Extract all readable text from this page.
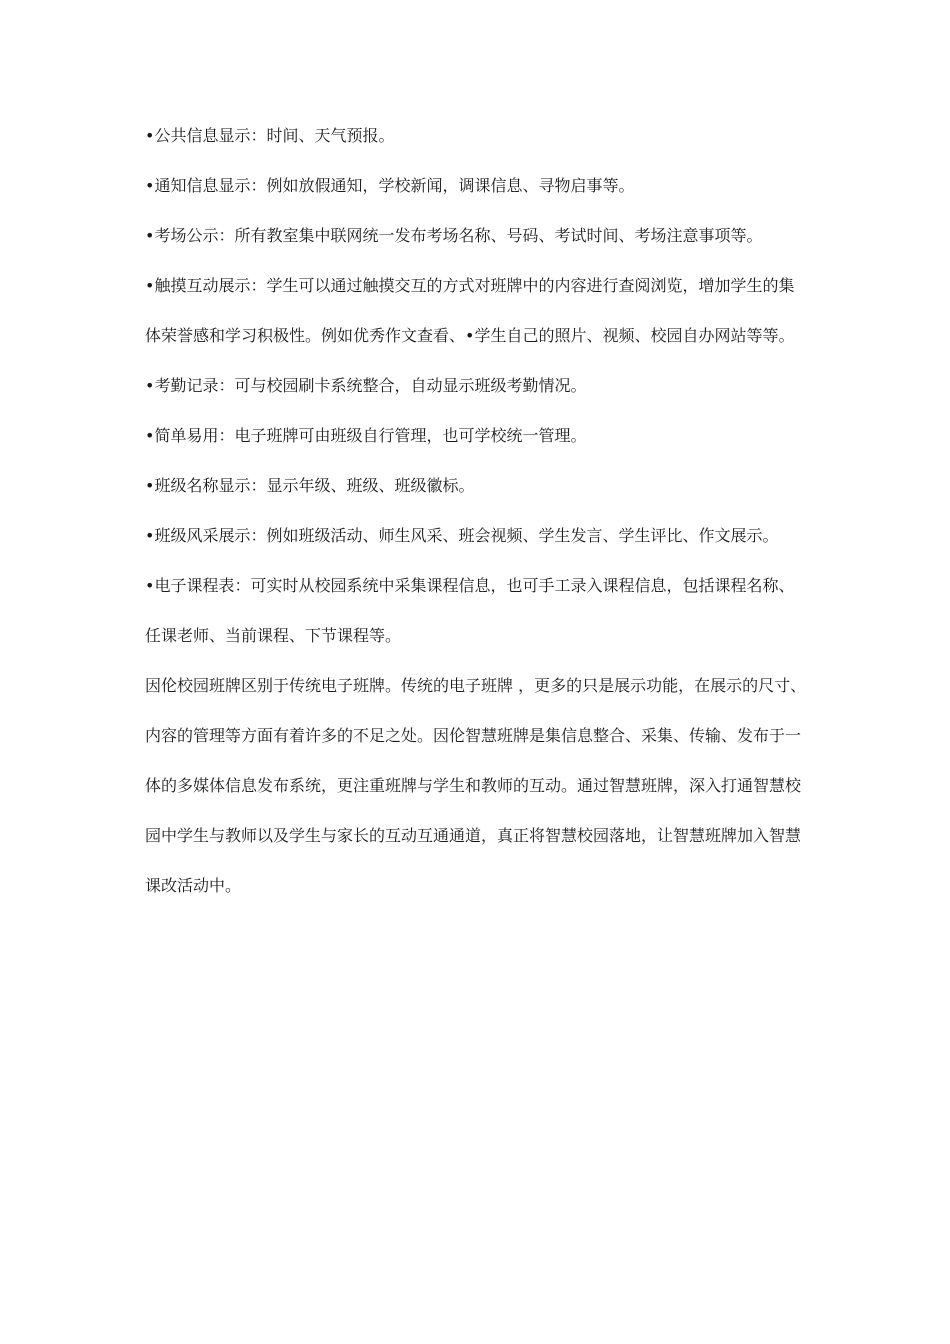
•公共信息显示：时间、天气预报。

•通知信息显示：例如放假通知，学校新闻，调课信息、寻物启事等。

•考场公示：所有教室集中联网统一发布考场名称、号码、考试时间、考场注意事项等。

•触摸互动展示：学生可以通过触摸交互的方式对班牌中的内容进行查阅浏览，增加学生的集体荣誉感和学习积极性。例如优秀作文查看、•学生自己的照片、视频、校园自办网站等等。

•考勤记录：可与校园刷卡系统整合，自动显示班级考勤情况。

•简单易用：电子班牌可由班级自行管理，也可学校统一管理。

•班级名称显示：显示年级、班级、班级徽标。

•班级风采展示：例如班级活动、师生风采、班会视频、学生发言、学生评比、作文展示。

•电子课程表：可实时从校园系统中采集课程信息，也可手工录入课程信息，包括课程名称、任课老师、当前课程、下节课程等。

因伦校园班牌区别于传统电子班牌。传统的电子班牌 ，更多的只是展示功能，在展示的尺寸、内容的管理等方面有着许多的不足之处。因伦智慧班牌是集信息整合、采集、传输、发布于一体的多媒体信息发布系统，更注重班牌与学生和教师的互动。通过智慧班牌，深入打通智慧校园中学生与教师以及学生与家长的互动互通通道，真正将智慧校园落地，让智慧班牌加入智慧课改活动中。
